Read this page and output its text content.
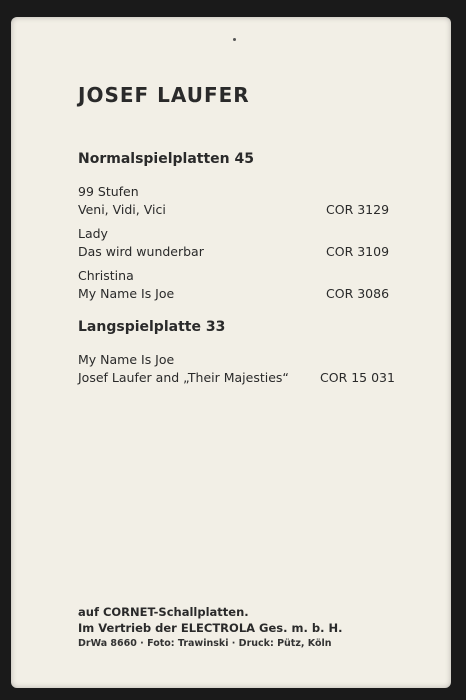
JOSEF LAUFER
Normalspielplatten 45
99 Stufen
Veni, Vidi, Vici	COR 3129
Lady
Das wird wunderbar	COR 3109
Christina
My Name Is Joe	COR 3086
Langspielplatte 33
My Name Is Joe
Josef Laufer and „Their Majesties“ COR 15 031
auf CORNET-Schallplatten.
Im Vertrieb der ELECTROLA Ges. m. b. H.
DrWa 8660 · Foto: Trawinski · Druck: Pütz, Köln
